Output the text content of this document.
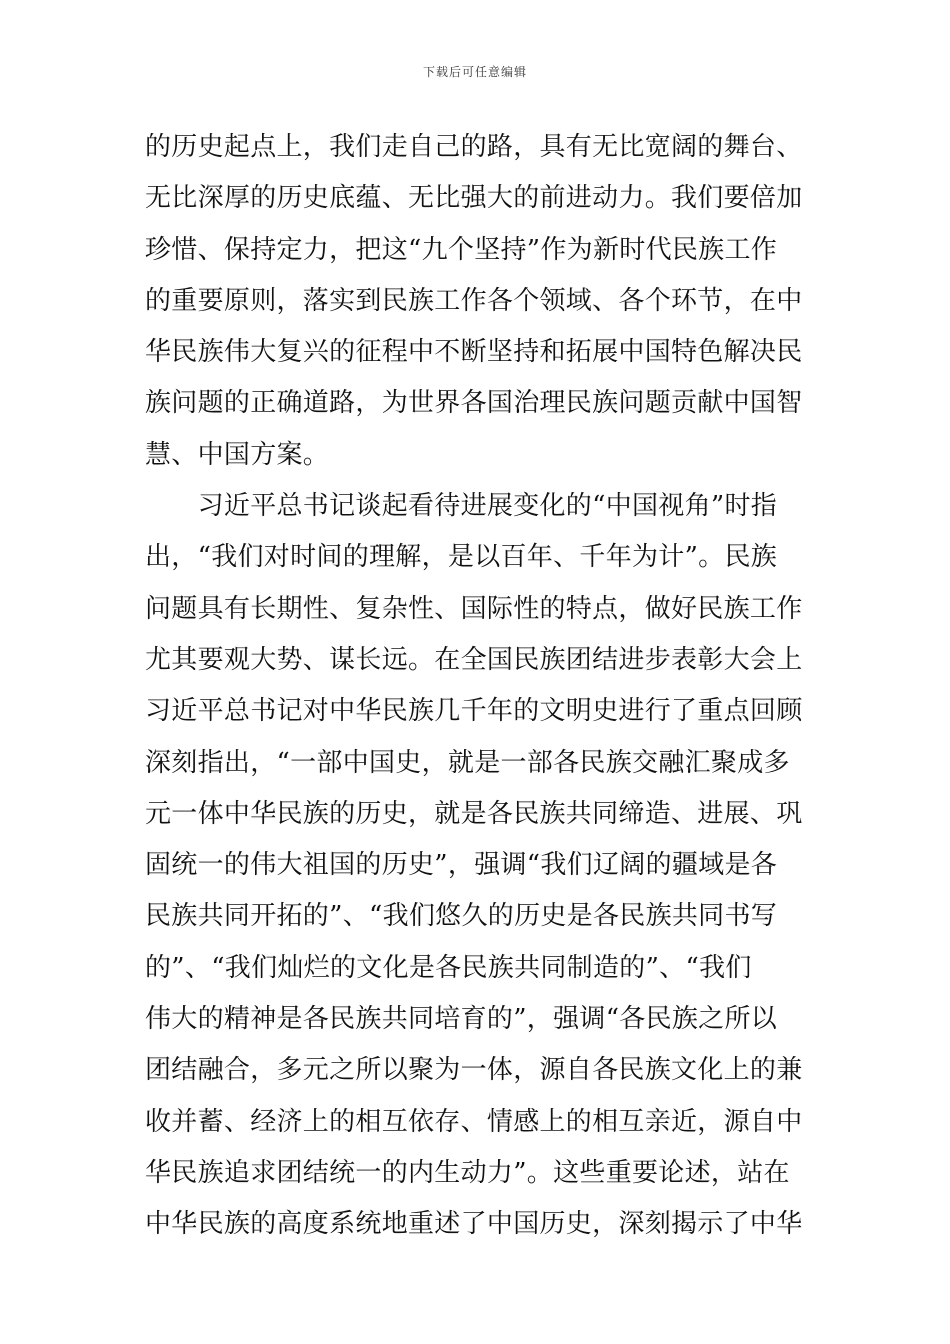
下载后可任意编辑
的历史起点上，我们走自己的路，具有无比宽阔的舞台、
无比深厚的历史底蕴、无比强大的前进动力。我们要倍加
珍惜、保持定力，把这“九个坚持”作为新时代民族工作
的重要原则，落实到民族工作各个领域、各个环节，在中
华民族伟大复兴的征程中不断坚持和拓展中国特色解决民
族问题的正确道路，为世界各国治理民族问题贡献中国智
慧、中国方案。
　　习近平总书记谈起看待进展变化的“中国视角”时指
出，“我们对时间的理解，是以百年、千年为计”。民族
问题具有长期性、复杂性、国际性的特点，做好民族工作
尤其要观大势、谋长远。在全国民族团结进步表彰大会上
习近平总书记对中华民族几千年的文明史进行了重点回顾
深刻指出，“一部中国史，就是一部各民族交融汇聚成多
元一体中华民族的历史，就是各民族共同缔造、进展、巩
固统一的伟大祖国的历史”，强调“我们辽阔的疆域是各
民族共同开拓的”、“我们悠久的历史是各民族共同书写
的”、“我们灿烂的文化是各民族共同制造的”、“我们
伟大的精神是各民族共同培育的”，强调“各民族之所以
团结融合，多元之所以聚为一体，源自各民族文化上的兼
收并蓄、经济上的相互依存、情感上的相互亲近，源自中
华民族追求团结统一的内生动力”。这些重要论述，站在
中华民族的高度系统地重述了中国历史，深刻揭示了中华
